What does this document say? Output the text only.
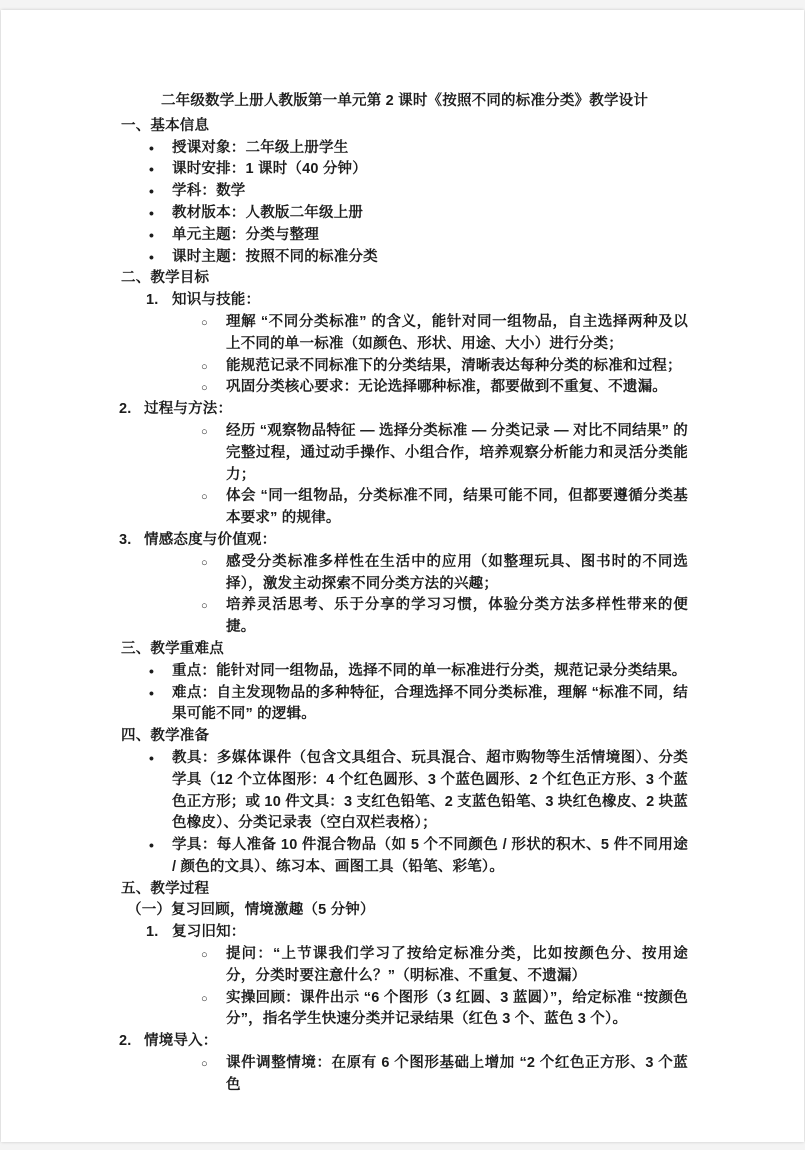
二年级数学上册人教版第一单元第 2 课时《按照不同的标准分类》教学设计
一、基本信息
• 授课对象：二年级上册学生
• 课时安排：1 课时（40 分钟）
• 学科：数学
• 教材版本：人教版二年级上册
• 单元主题：分类与整理
• 课时主题：按照不同的标准分类
二、教学目标
1. 知识与技能：
○ 理解 “不同分类标准” 的含义，能针对同一组物品，自主选择两种及以上不同的单一标准（如颜色、形状、用途、大小）进行分类；
○ 能规范记录不同标准下的分类结果，清晰表达每种分类的标准和过程；
○ 巩固分类核心要求：无论选择哪种标准，都要做到不重复、不遗漏。
2. 过程与方法：
○ 经历 “观察物品特征 — 选择分类标准 — 分类记录 — 对比不同结果” 的完整过程，通过动手操作、小组合作，培养观察分析能力和灵活分类能力；
○ 体会 “同一组物品，分类标准不同，结果可能不同，但都要遵循分类基本要求” 的规律。
3. 情感态度与价值观：
○ 感受分类标准多样性在生活中的应用（如整理玩具、图书时的不同选择），激发主动探索不同分类方法的兴趣；
○ 培养灵活思考、乐于分享的学习习惯，体验分类方法多样性带来的便捷。
三、教学重难点
• 重点：能针对同一组物品，选择不同的单一标准进行分类，规范记录分类结果。
• 难点：自主发现物品的多种特征，合理选择不同分类标准，理解 “标准不同，结果可能不同” 的逻辑。
四、教学准备
• 教具：多媒体课件（包含文具组合、玩具混合、超市购物等生活情境图）、分类学具（12 个立体图形：4 个红色圆形、3 个蓝色圆形、2 个红色正方形、3 个蓝色正方形；或 10 件文具：3 支红色铅笔、2 支蓝色铅笔、3 块红色橡皮、2 块蓝色橡皮）、分类记录表（空白双栏表格）；
• 学具：每人准备 10 件混合物品（如 5 个不同颜色 / 形状的积木、5 件不同用途 / 颜色的文具）、练习本、画图工具（铅笔、彩笔）。
五、教学过程
（一）复习回顾，情境激趣（5 分钟）
1. 复习旧知：
○ 提问：“上节课我们学习了按给定标准分类，比如按颜色分、按用途分，分类时要注意什么？”（明标准、不重复、不遗漏）
○ 实操回顾：课件出示 “6 个图形（3 红圆、3 蓝圆）”，给定标准 “按颜色分”，指名学生快速分类并记录结果（红色 3 个、蓝色 3 个）。
2. 情境导入：
○ 课件调整情境：在原有 6 个图形基础上增加 “2 个红色正方形、3 个蓝色
